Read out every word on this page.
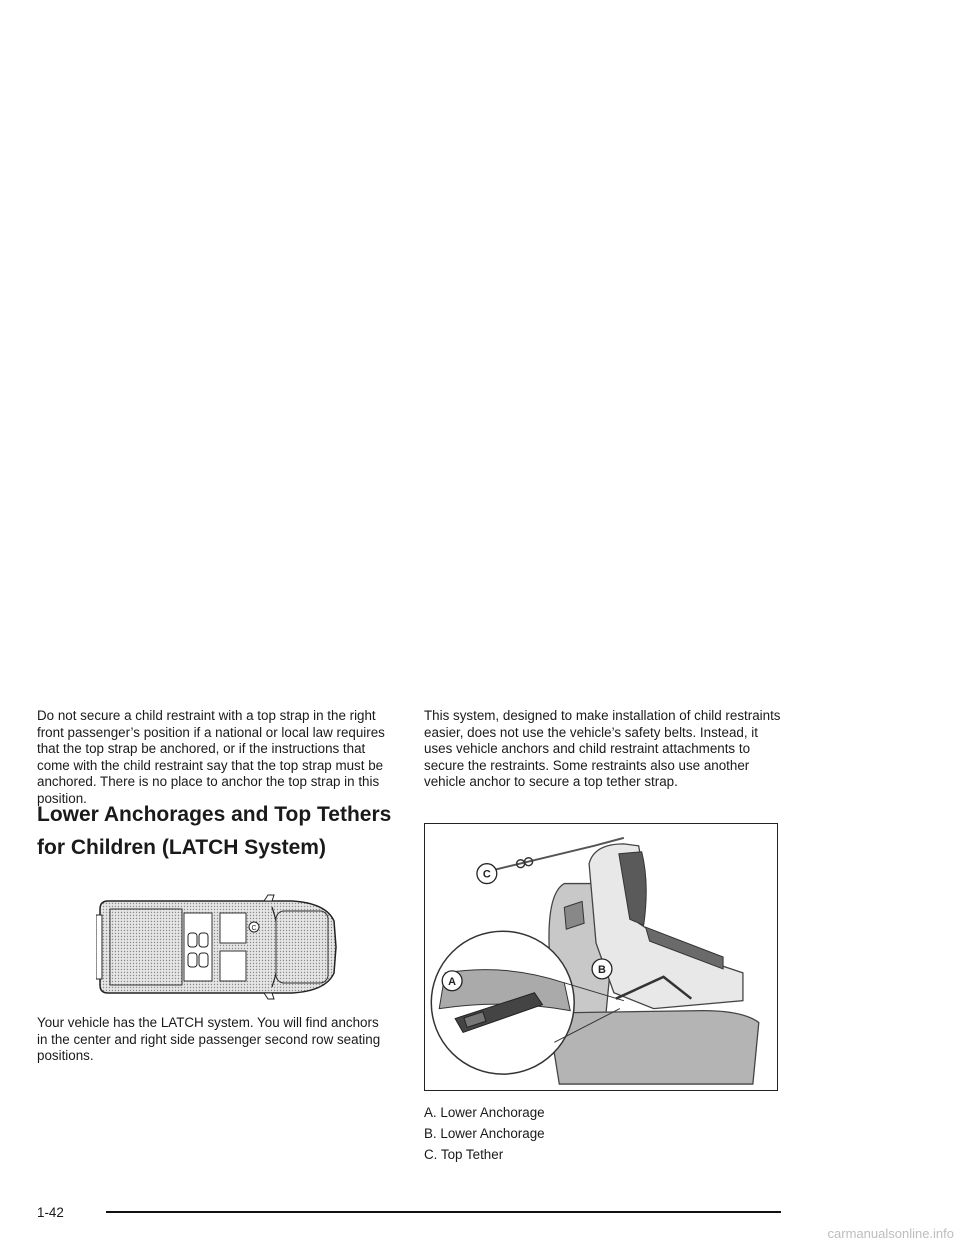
Do not secure a child restraint with a top strap in the right front passenger’s position if a national or local law requires that the top strap be anchored, or if the instructions that come with the child restraint say that the top strap must be anchored. There is no place to anchor the top strap in this position.

Lower Anchorages and Top Tethers for Children (LATCH System)
C

Your vehicle has the LATCH system. You will find anchors in the center and right side passenger second row seating positions.

This system, designed to make installation of child restraints easier, does not use the vehicle’s safety belts. Instead, it uses vehicle anchors and child restraint attachments to secure the restraints. Some restraints also use another vehicle anchor to secure a top tether strap.

A
B
C
A. Lower Anchorage
B. Lower Anchorage
C. Top Tether
1-42
carmanualsonline.info
